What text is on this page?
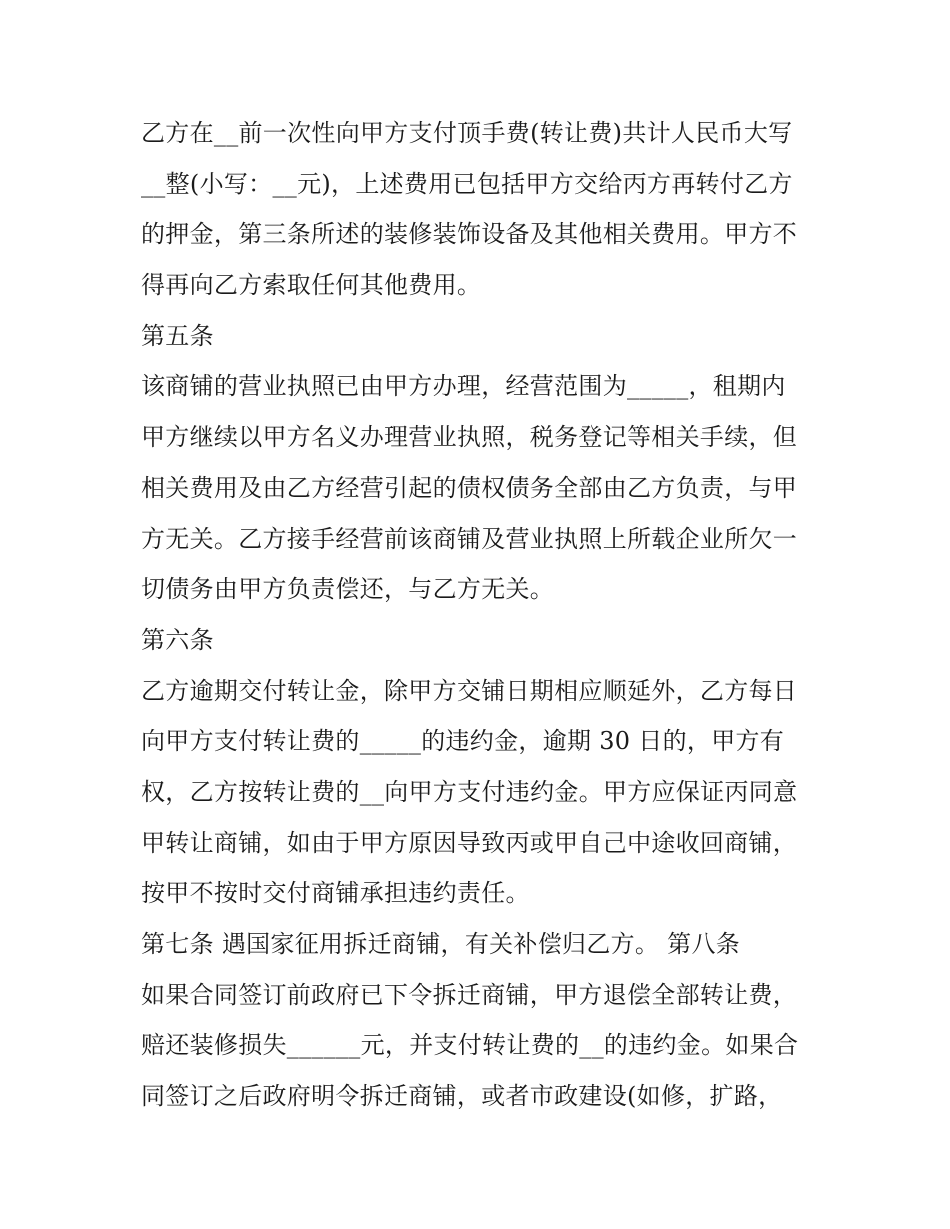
乙方在__前一次性向甲方支付顶手费(转让费)共计人民币大写
__整(小写：__元)，上述费用已包括甲方交给丙方再转付乙方
的押金，第三条所述的装修装饰设备及其他相关费用。甲方不
得再向乙方索取任何其他费用。
第五条
该商铺的营业执照已由甲方办理，经营范围为_____，租期内
甲方继续以甲方名义办理营业执照，税务登记等相关手续，但
相关费用及由乙方经营引起的债权债务全部由乙方负责，与甲
方无关。乙方接手经营前该商铺及营业执照上所载企业所欠一
切债务由甲方负责偿还，与乙方无关。
第六条
乙方逾期交付转让金，除甲方交铺日期相应顺延外，乙方每日
向甲方支付转让费的_____的违约金，逾期 30 日的，甲方有
权，乙方按转让费的__向甲方支付违约金。甲方应保证丙同意
甲转让商铺，如由于甲方原因导致丙或甲自己中途收回商铺，
按甲不按时交付商铺承担违约责任。
第七条 遇国家征用拆迁商铺，有关补偿归乙方。 第八条
如果合同签订前政府已下令拆迁商铺，甲方退偿全部转让费，
赔还装修损失______元，并支付转让费的__的违约金。如果合
同签订之后政府明令拆迁商铺，或者市政建设(如修，扩路，
